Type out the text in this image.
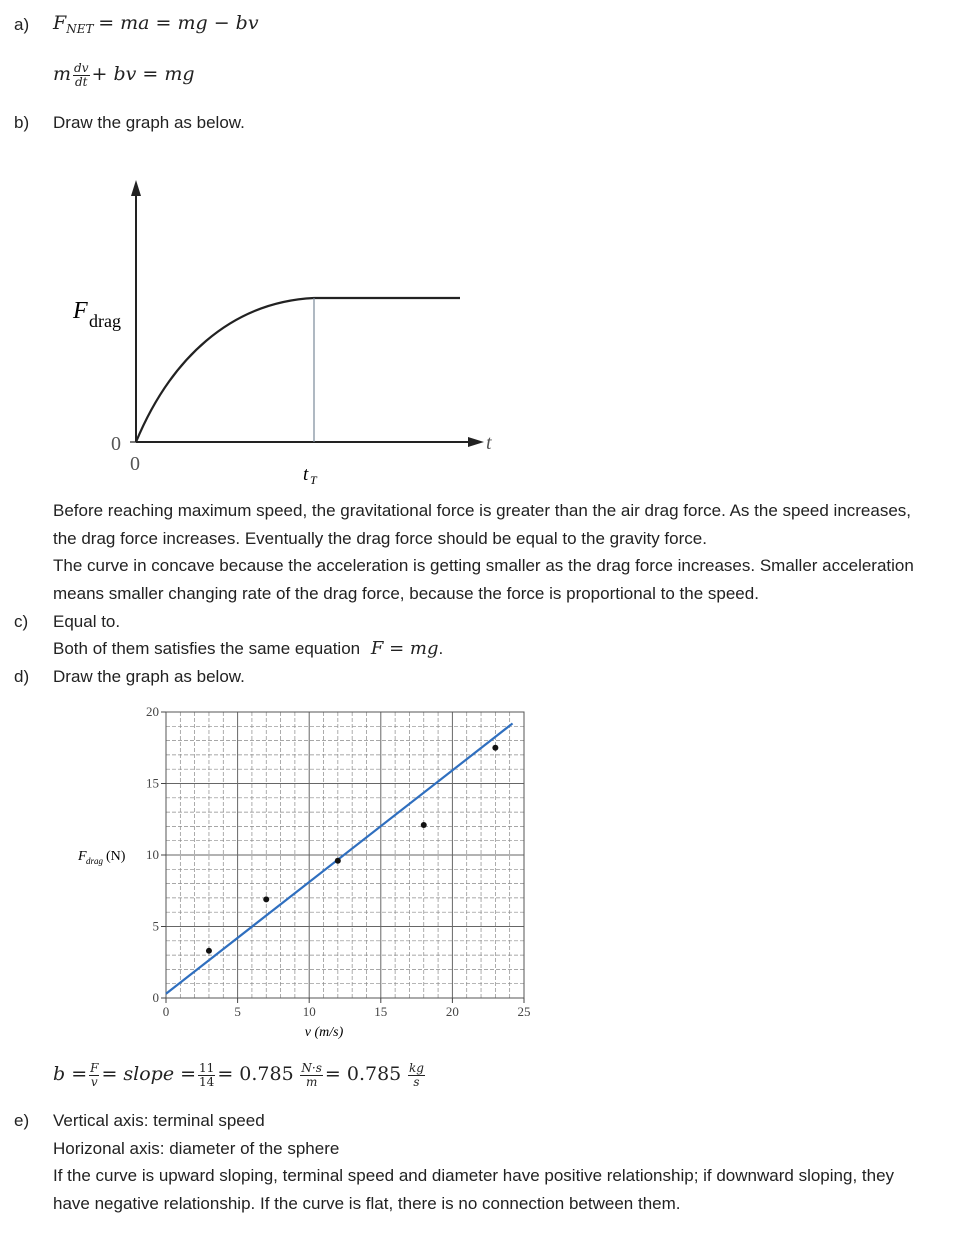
a) $F_{NET}$ = ma = mg − bv
m $\frac{dv}{dt}$ + bv = mg
b) Draw the graph as below.
F drag
0
0
t
t T
Before reaching maximum speed, the gravitational force is greater than the air drag force. As the speed increases,
the drag force increases. Eventually the drag force should be equal to the gravity force.
The curve in concave because the acceleration is getting smaller as the drag force increases. Smaller acceleration
means smaller changing rate of the drag force, because the force is proportional to the speed.
c) Equal to.
Both of them satisfies the same equation F = mg.
d) Draw the graph as below.
0	5	10	15	20	25
0
5
10
15
20
v (m/s)
F drag (N)
$b = \frac{F}{v}$ = slope = $\frac{11}{14} = 0.785 \frac{N\cdot s}{m} = 0.785 \frac{kg}{s}$
e) Vertical axis: terminal speed
Horizonal axis: diameter of the sphere
If the curve is upward sloping, terminal speed and diameter have positive relationship; if downward sloping, they
have negative relationship. If the curve is flat, there is no connection between them.
